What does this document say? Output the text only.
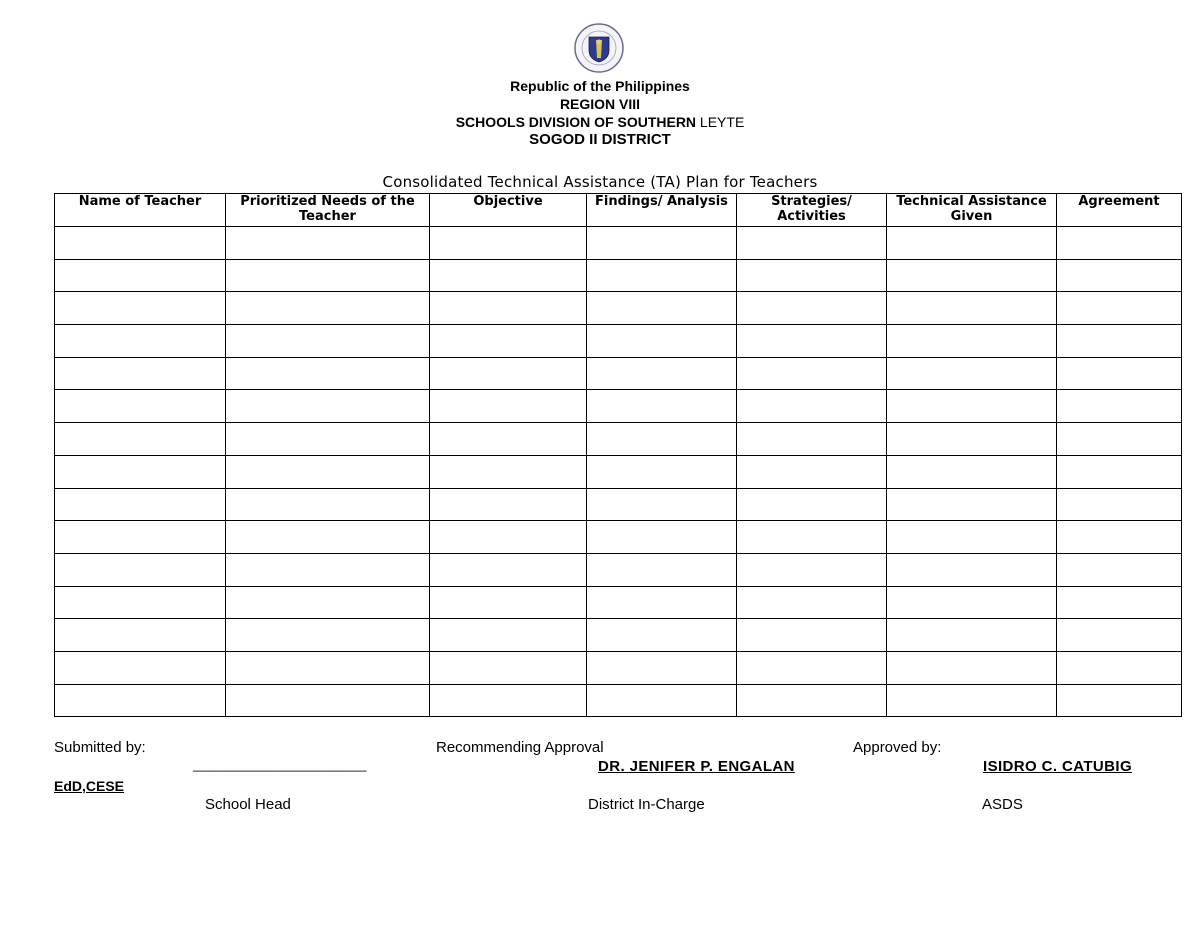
Republic of the Philippines
REGION VIII
SCHOOLS DIVISION OF SOUTHERN LEYTE
SOGOD II DISTRICT
Consolidated Technical Assistance (TA) Plan for Teachers
Name of Teacher	Prioritized Needs of the Teacher	Objective	Findings/ Analysis	Strategies/ Activities	Technical Assistance Given	Agreement

Submitted by:
________________________
EdD,CESE
School Head
Recommending Approval
DR. JENIFER P. ENGALAN
District In-Charge
Approved by:
ISIDRO C. CATUBIG
ASDS
